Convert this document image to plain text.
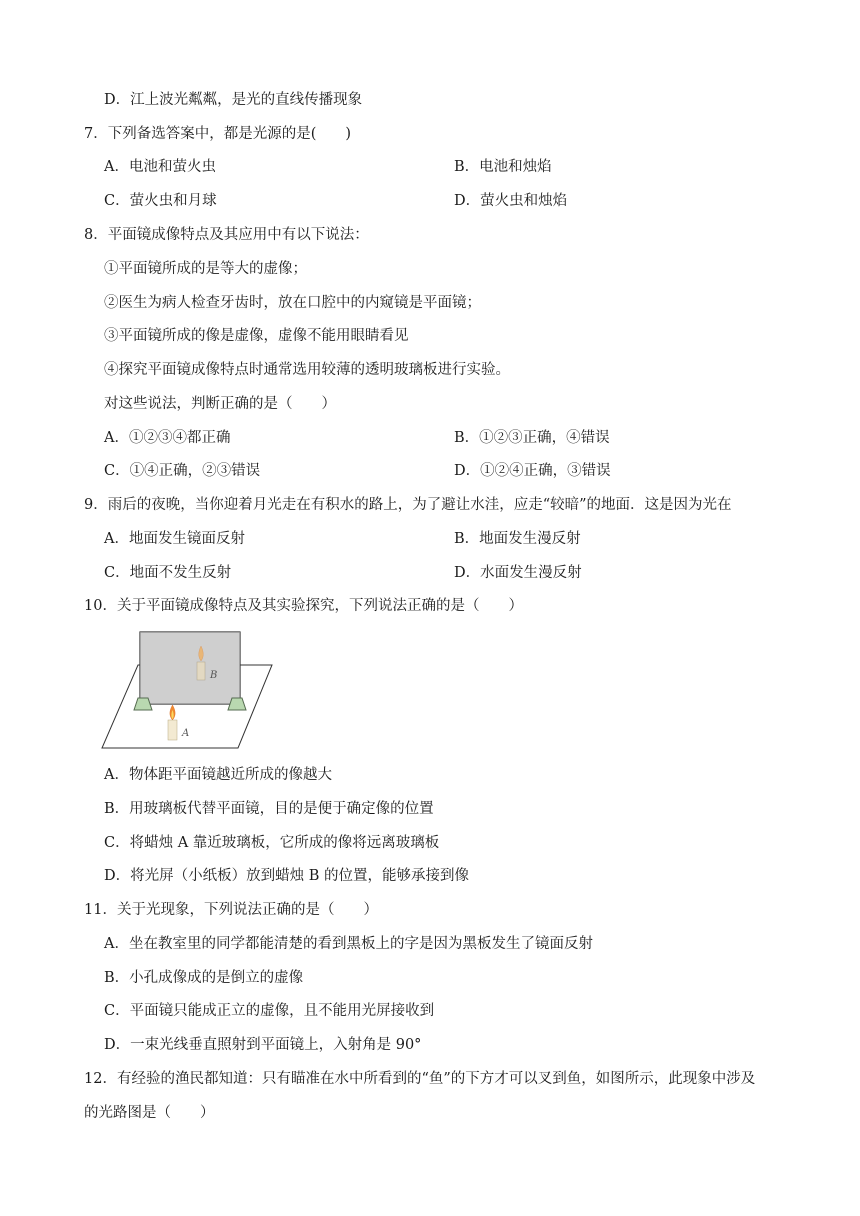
D．江上波光粼粼，是光的直线传播现象
7．下列备选答案中，都是光源的是(　　)
A．电池和萤火虫	B．电池和烛焰
C．萤火虫和月球	D．萤火虫和烛焰
8．平面镜成像特点及其应用中有以下说法：
①平面镜所成的是等大的虚像；
②医生为病人检查牙齿时，放在口腔中的内窥镜是平面镜；
③平面镜所成的像是虚像，虚像不能用眼睛看见
④探究平面镜成像特点时通常选用较薄的透明玻璃板进行实验。
对这些说法，判断正确的是（　　）
A．①②③④都正确	B．①②③正确，④错误
C．①④正确，②③错误	D．①②④正确，③错误
9．雨后的夜晚，当你迎着月光走在有积水的路上，为了避让水洼，应走“较暗”的地面．这是因为光在
A．地面发生镜面反射	B．地面发生漫反射
C．地面不发生反射	D．水面发生漫反射
10．关于平面镜成像特点及其实验探究，下列说法正确的是（　　）
B
A
A．物体距平面镜越近所成的像越大
B．用玻璃板代替平面镜，目的是便于确定像的位置
C．将蜡烛 A 靠近玻璃板，它所成的像将远离玻璃板
D．将光屏（小纸板）放到蜡烛 B 的位置，能够承接到像
11．关于光现象，下列说法正确的是（　　）
A．坐在教室里的同学都能清楚的看到黑板上的字是因为黑板发生了镜面反射
B．小孔成像成的是倒立的虚像
C．平面镜只能成正立的虚像，且不能用光屏接收到
D．一束光线垂直照射到平面镜上，入射角是 90°
12．有经验的渔民都知道：只有瞄准在水中所看到的“鱼”的下方才可以叉到鱼，如图所示，此现象中涉及
的光路图是（　　）
